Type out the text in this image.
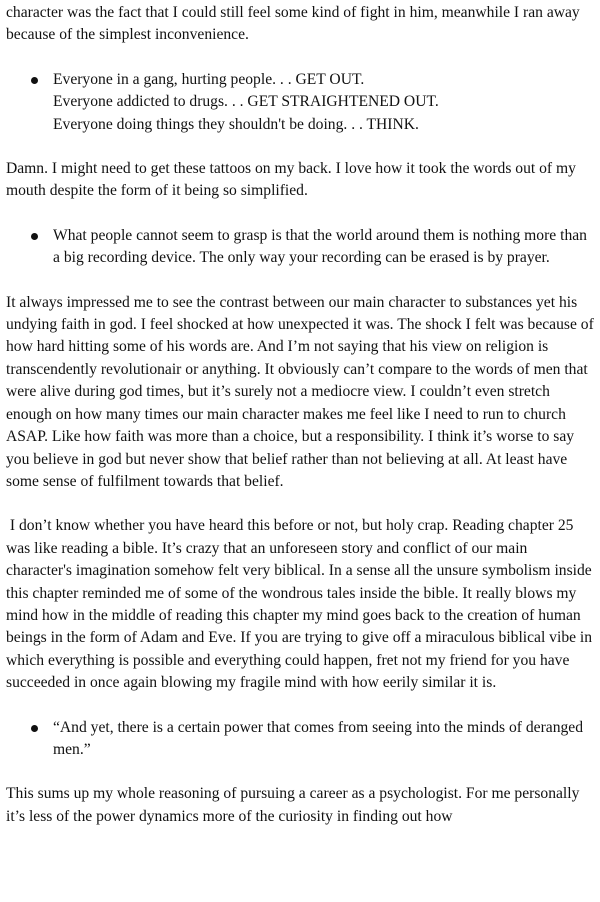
character was the fact that I could still feel some kind of fight in him, meanwhile I ran away because of the simplest inconvenience.

Everyone in a gang, hurting people. . . GET OUT.
Everyone addicted to drugs. . . GET STRAIGHTENED OUT.
Everyone doing things they shouldn't be doing. . . THINK.

Damn. I might need to get these tattoos on my back. I love how it took the words out of my mouth despite the form of it being so simplified.

What people cannot seem to grasp is that the world around them is nothing more than a big recording device. The only way your recording can be erased is by prayer.

It always impressed me to see the contrast between our main character to substances yet his undying faith in god. I feel shocked at how unexpected it was. The shock I felt was because of how hard hitting some of his words are. And I’m not saying that his view on religion is transcendently revolutionair or anything. It obviously can’t compare to the words of men that were alive during god times, but it’s surely not a mediocre view. I couldn’t even stretch enough on how many times our main character makes me feel like I need to run to church ASAP. Like how faith was more than a choice, but a responsibility. I think it’s worse to say you believe in god but never show that belief rather than not believing at all. At least have some sense of fulfilment towards that belief.

I don’t know whether you have heard this before or not, but holy crap. Reading chapter 25 was like reading a bible. It’s crazy that an unforeseen story and conflict of our main character's imagination somehow felt very biblical. In a sense all the unsure symbolism inside this chapter reminded me of some of the wondrous tales inside the bible. It really blows my mind how in the middle of reading this chapter my mind goes back to the creation of human beings in the form of Adam and Eve. If you are trying to give off a miraculous biblical vibe in which everything is possible and everything could happen, fret not my friend for you have succeeded in once again blowing my fragile mind with how eerily similar it is.

“And yet, there is a certain power that comes from seeing into the minds of deranged men.”

This sums up my whole reasoning of pursuing a career as a psychologist. For me personally it’s less of the power dynamics more of the curiosity in finding out how
